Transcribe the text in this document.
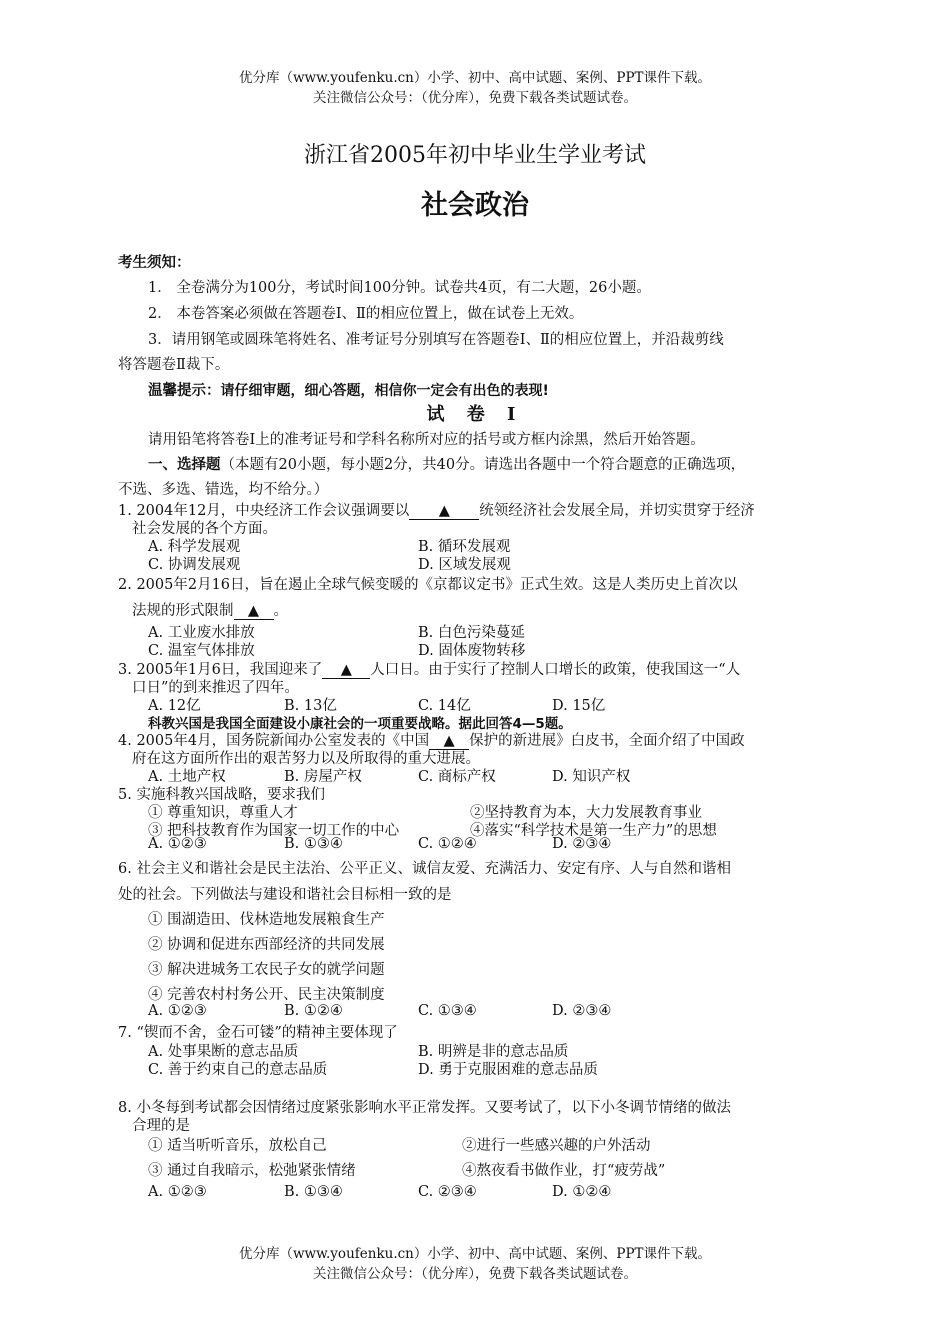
优分库（www.youfenku.cn）小学、初中、高中试题、案例、PPT课件下载。
关注微信公众号：（优分库），免费下载各类试题试卷。
浙江省2005年初中毕业生学业考试
社会政治
考生须知：
1． 全卷满分为100分，考试时间100分钟。试卷共4页，有二大题，26小题。
2． 本卷答案必须做在答题卷Ⅰ、Ⅱ的相应位置上，做在试卷上无效。
3．请用钢笔或圆珠笔将姓名、准考证号分别填写在答题卷Ⅰ、Ⅱ的相应位置上，并沿裁剪线
将答题卷Ⅱ裁下。
温馨提示：请仔细审题，细心答题，相信你一定会有出色的表现!
试 卷 Ⅰ
请用铅笔将答卷Ⅰ上的准考证号和学科名称所对应的括号或方框内涂黑，然后开始答题。
一、选择题（本题有20小题，每小题2分，共40分。请选出各题中一个符合题意的正确选项，
不选、多选、错选，均不给分。）
1. 2004年12月，中央经济工作会议强调要以 ▲ 统领经济社会发展全局，并切实贯穿于经济
社会发展的各个方面。
A. 科学发展观	B. 循环发展观
C. 协调发展观	D. 区域发展观
2. 2005年2月16日，旨在遏止全球气候变暖的《京都议定书》正式生效。这是人类历史上首次以
法规的形式限制 ▲ 。
A. 工业废水排放	B. 白色污染蔓延
C. 温室气体排放	D. 固体废物转移
3. 2005年1月6日，我国迎来了 ▲ 人口日。由于实行了控制人口增长的政策，使我国这一“人
口日”的到来推迟了四年。
A. 12亿	B. 13亿	C. 14亿	D. 15亿
科教兴国是我国全面建设小康社会的一项重要战略。据此回答4—5题。
4. 2005年4月，国务院新闻办公室发表的《中国 ▲ 保护的新进展》白皮书，全面介绍了中国政
府在这方面所作出的艰苦努力以及所取得的重大进展。
A. 土地产权	B. 房屋产权	C. 商标产权	D. 知识产权
5. 实施科教兴国战略，要求我们
① 尊重知识，尊重人才	②坚持教育为本，大力发展教育事业
③ 把科技教育作为国家一切工作的中心	④落实“科学技术是第一生产力”的思想
A. ①②③	B. ①③④	C. ①②④	D. ②③④
6. 社会主义和谐社会是民主法治、公平正义、诚信友爱、充满活力、安定有序、人与自然和谐相
处的社会。下列做法与建设和谐社会目标相一致的是
① 围湖造田、伐林造地发展粮食生产
② 协调和促进东西部经济的共同发展
③ 解决进城务工农民子女的就学问题
④ 完善农村村务公开、民主决策制度
A. ①②③	B. ①②④	C. ①③④	D. ②③④
7. “锲而不舍，金石可镂”的精神主要体现了
A. 处事果断的意志品质	B. 明辨是非的意志品质
C. 善于约束自己的意志品质	D. 勇于克服困难的意志品质
8. 小冬每到考试都会因情绪过度紧张影响水平正常发挥。又要考试了，以下小冬调节情绪的做法
合理的是
① 适当听听音乐，放松自己	②进行一些感兴趣的户外活动
③ 通过自我暗示，松弛紧张情绪	④熬夜看书做作业，打“疲劳战”
A. ①②③	B. ①③④	C. ②③④	D. ①②④
优分库（www.youfenku.cn）小学、初中、高中试题、案例、PPT课件下载。
关注微信公众号：（优分库），免费下载各类试题试卷。
